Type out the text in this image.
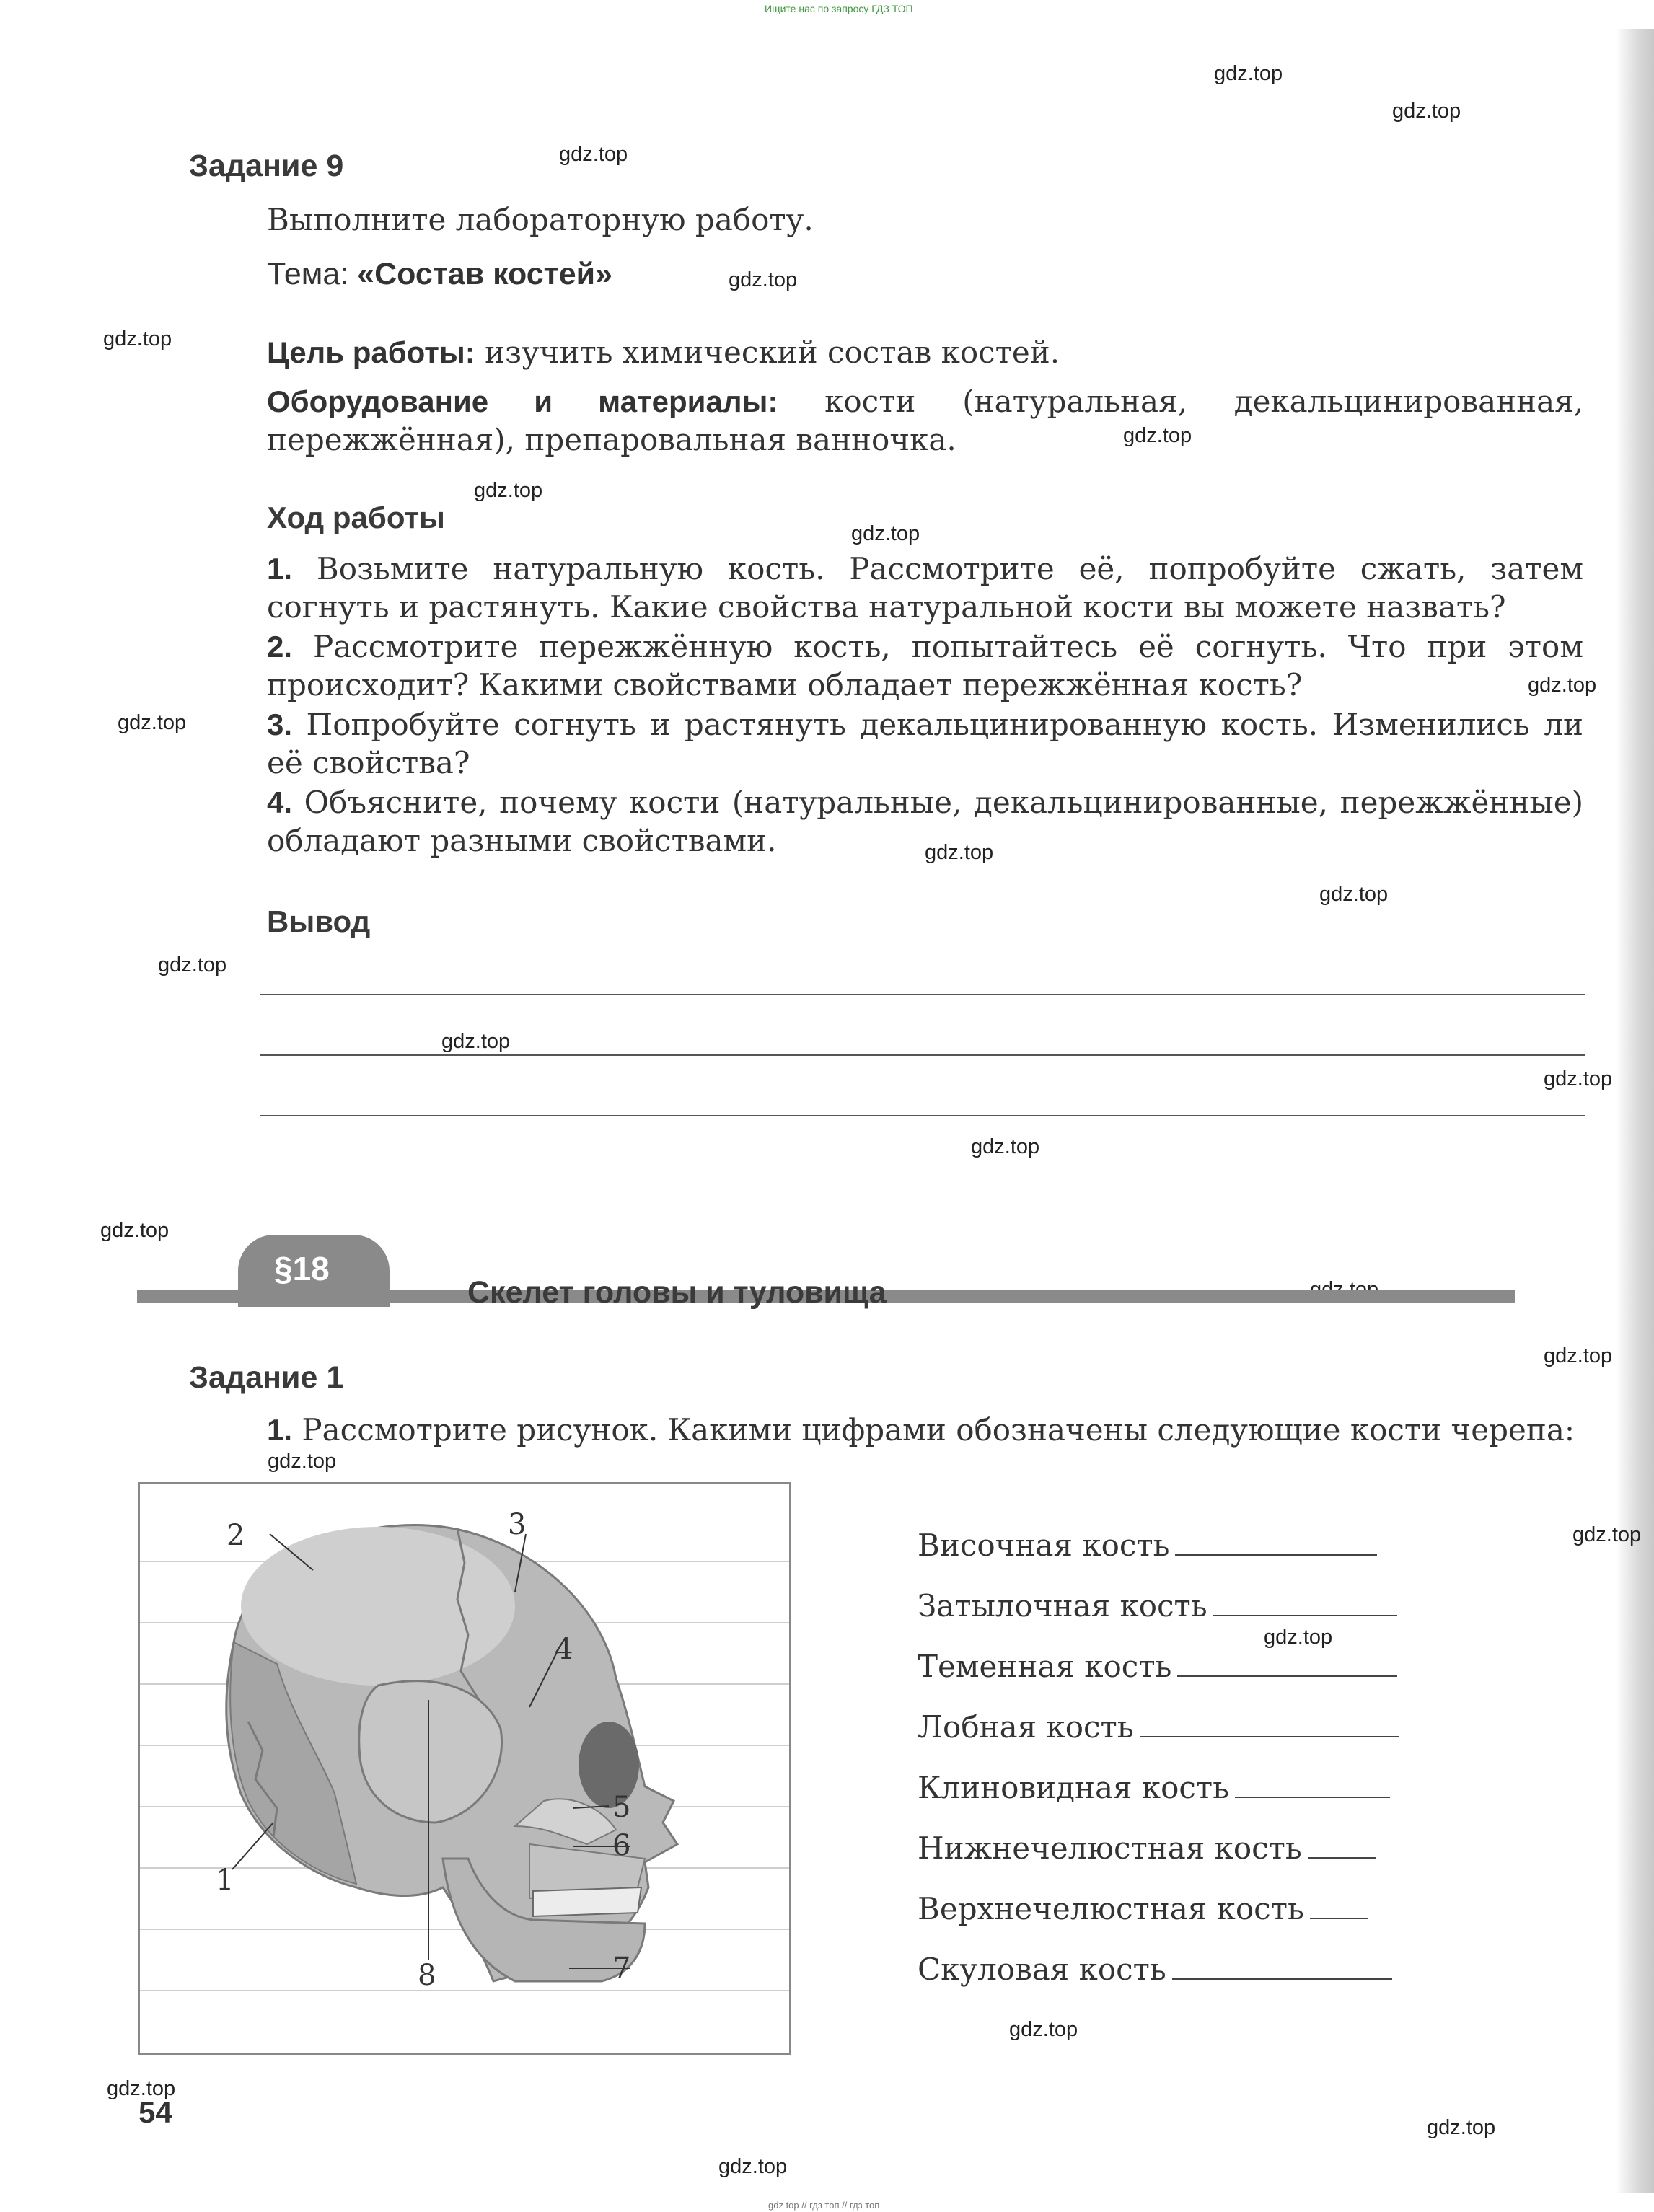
Ищите нас по запросу ГДЗ ТОП
gdz.top
gdz.top
gdz.top
gdz.top
gdz.top
gdz.top
gdz.top
gdz.top
gdz.top
gdz.top
gdz.top
gdz.top
gdz.top
gdz.top
gdz.top
gdz.top
gdz.top
gdz.top
gdz.top
gdz.top
gdz.top
gdz.top
gdz.top
gdz.top
gdz.top
Задание 9
Выполните лабораторную работу.
Тема: «Состав костей»
Цель работы: изучить химический состав костей.
Оборудование и материалы: кости (натуральная, декальцинированная, пережжённая), препаровальная ванночка.
Ход работы
1. Возьмите натуральную кость. Рассмотрите её, попробуйте сжать, затем согнуть и растянуть. Какие свойства натуральной кости вы можете назвать?
2. Рассмотрите пережжённую кость, попытайтесь её согнуть. Что при этом происходит? Какими свойствами обладает пережжённая кость?
3. Попробуйте согнуть и растянуть декальцинированную кость. Изменились ли её свойства?
4. Объясните, почему кости (натуральные, декальцинированные, пережжённые) обладают разными свойствами.
Вывод
§18
Скелет головы и туловища
Задание 1
1. Рассмотрите рисунок. Какими цифрами обозначены следующие кости черепа:
1
2	3
4
5
6
7
8
Височная кость
Затылочная кость
Теменная кость
Лобная кость
Клиновидная кость
Нижнечелюстная кость
Верхнечелюстная кость
Скуловая кость
54
gdz top // гдз топ // гдз топ
